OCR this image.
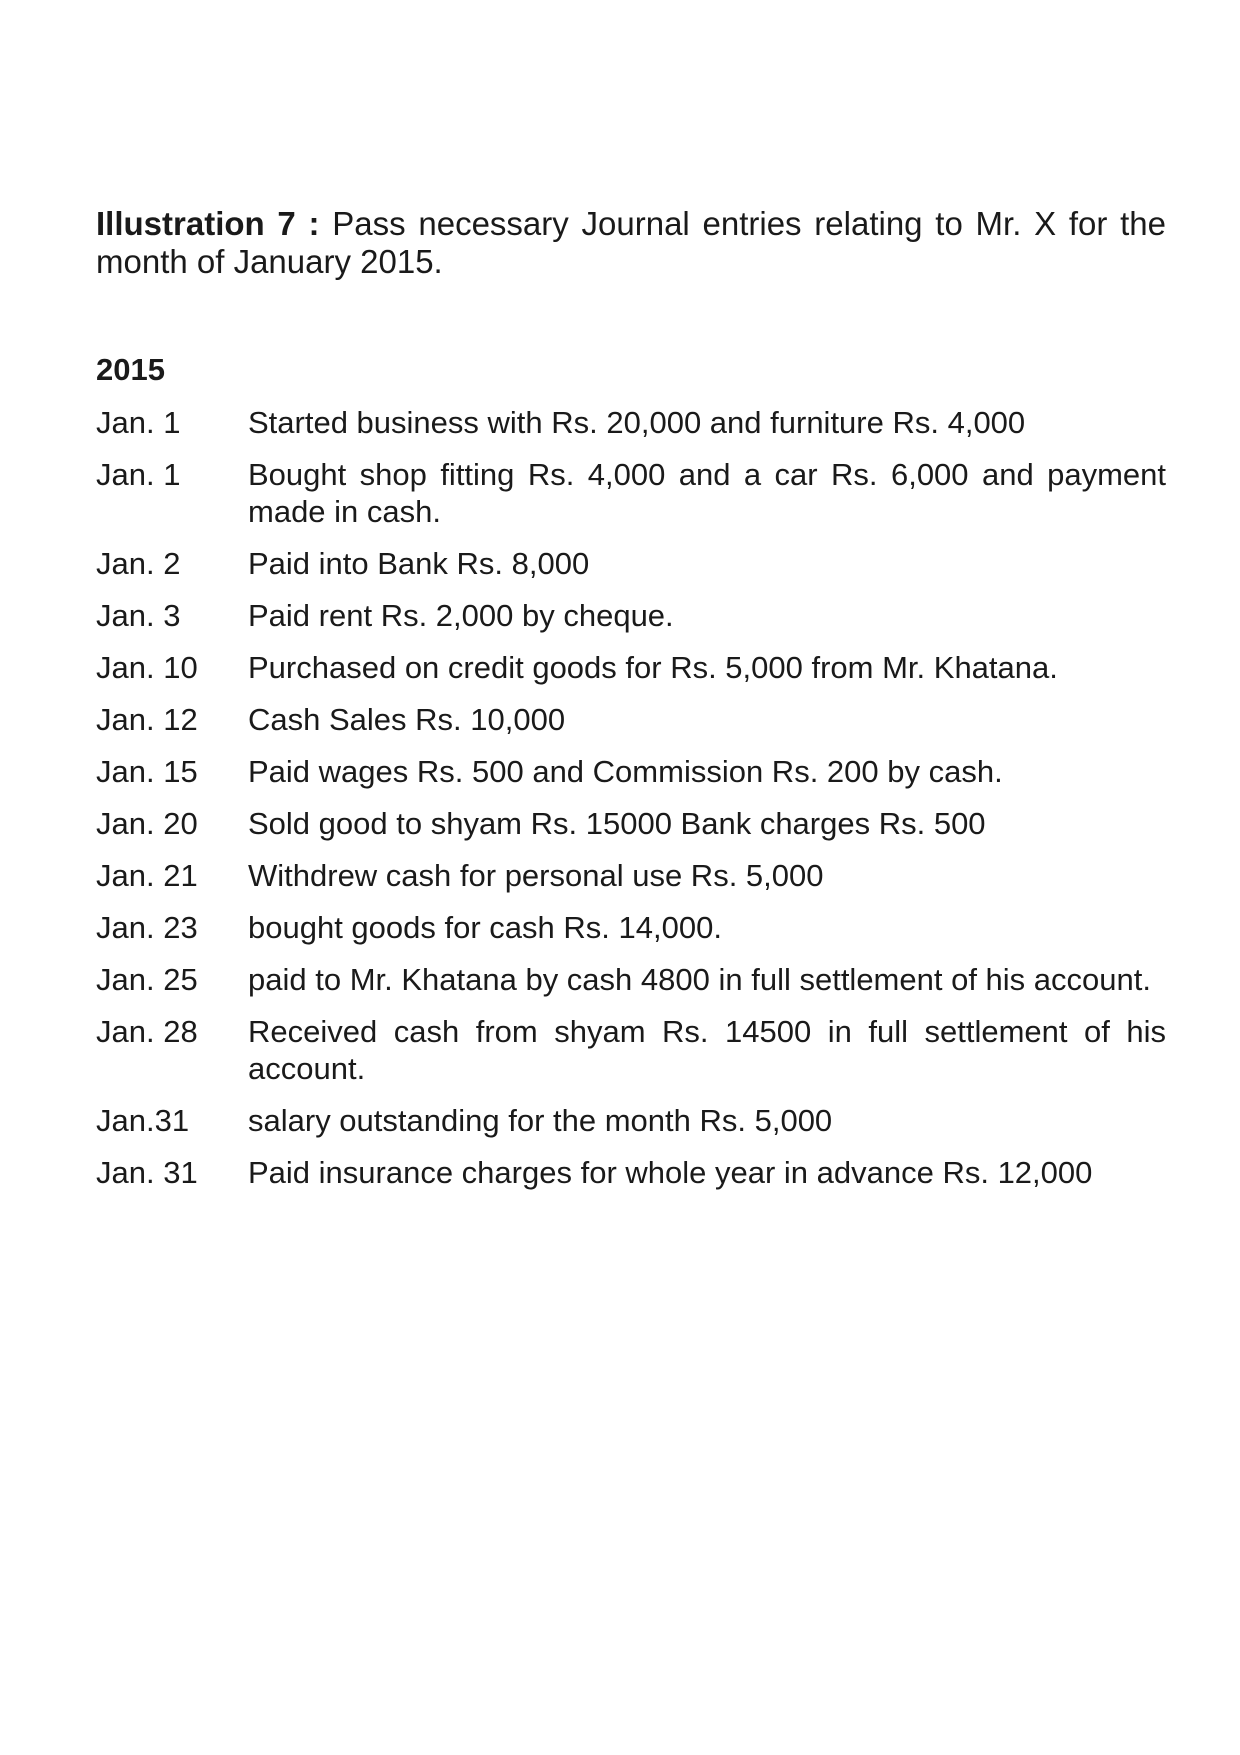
Illustration 7 : Pass necessary Journal entries relating to Mr. X for the month of January 2015.

2015
Jan. 1	Started business with Rs. 20,000 and furniture Rs. 4,000
Jan. 1	Bought shop fitting Rs. 4,000 and a car Rs. 6,000 and payment made in cash.
Jan. 2	Paid into Bank Rs. 8,000
Jan. 3	Paid rent Rs. 2,000 by cheque.
Jan. 10	Purchased on credit goods for Rs. 5,000 from Mr. Khatana.
Jan. 12	Cash Sales Rs. 10,000
Jan. 15	Paid wages Rs. 500 and Commission Rs. 200 by cash.
Jan. 20	Sold good to shyam Rs. 15000 Bank charges Rs. 500
Jan. 21	Withdrew cash for personal use Rs. 5,000
Jan. 23	bought goods for cash Rs. 14,000.
Jan. 25	paid to Mr. Khatana by cash 4800 in full settlement of his account.
Jan. 28	Received cash from shyam Rs. 14500 in full settlement of his account.
Jan.31	salary outstanding for the month Rs. 5,000
Jan. 31	Paid insurance charges for whole year in advance Rs. 12,000
